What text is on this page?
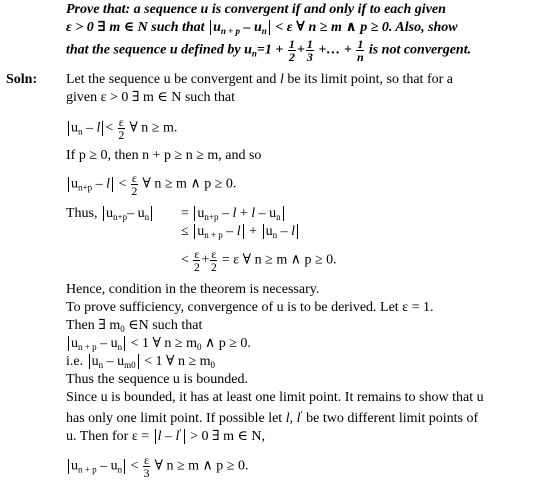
Prove that: a sequence u is convergent if and only if to each given
ε > 0 ∃ m ∈ N such that $u_{n + p} - u_n < \varepsilon$ ∀ n ≥ m ∧ p ≥ 0. Also, show
that the sequence u defined by $u_n=1 + \frac{1}{2} + \frac{1}{3}$ +… + $\frac{1}{n}$ is not convergent.
Soln: Let the sequence u be convergent and l be its limit point, so that for a
given ε > 0 ∃ m ∈ N such that
$u_n - l < \frac{\varepsilon}{2}$ ∀ n ≥ m.
If p ≥ 0, then n + p ≥ n ≥ m, and so
$u_{n+p} - l < \frac{\varepsilon}{2}$ ∀ n ≥ m ∧ p ≥ 0.
Thus, $u_{n+p}-$ $u_n$	= $u_{n+p} - l + l - u_n$
≤ $u_{n + p} - l + u_n - l$
< $\frac{\varepsilon}{2} + \frac{\varepsilon}{2} = \varepsilon$ ∀ n ≥ m ∧ p ≥ 0.
Hence, condition in the theorem is necessary.
To prove sufficiency, convergence of u is to be derived. Let ε = 1.
Then ∃ $m_0$ ∈N such that
$u_{n + p} - u_n < 1$ ∀ $n \ge m_0$ ∧ p ≥ 0.
i.e. $u_n - u_{m0} < 1$ ∀ $n \ge m_0$
Thus the sequence u is bounded.
Since u is bounded, it has at least one limit point. It remains to show that u
has only one limit point. If possible let l, l′ be two different limit points of
u. Then for ε = l – l′ > 0 ∃ m ∈ N,
$u_{n + p} - u_n < \frac{\varepsilon}{3}$ ∀ n ≥ m ∧ p ≥ 0.
